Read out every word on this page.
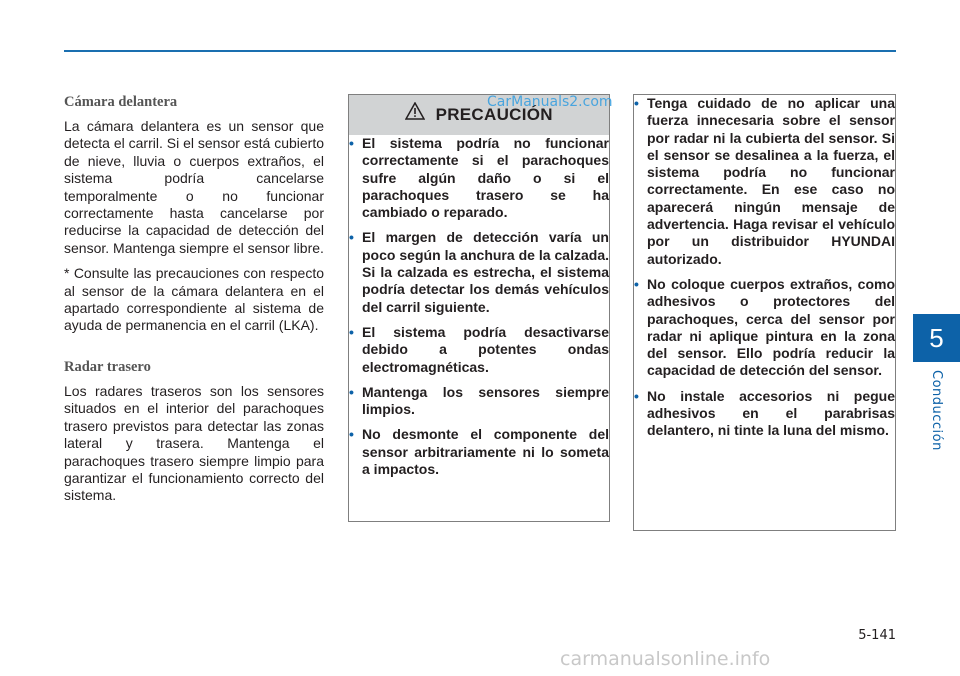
5
Conducción
Cámara delantera

La cámara delantera es un sensor que detecta el carril. Si el sensor está cubierto de nieve, lluvia o cuerpos extraños, el sistema podría cancelarse temporalmente o no funcionar correctamente hasta cancelarse por reducirse la capacidad de detección del sensor. Mantenga siempre el sensor libre.

* Consulte las precauciones con respecto al sensor de la cámara delantera en el apartado correspondiente al sistema de ayuda de permanencia en el carril (LKA).

Radar trasero

Los radares traseros son los sensores situados en el interior del parachoques trasero previstos para detectar las zonas lateral y trasera. Mantenga el parachoques trasero siempre limpio para garantizar el funcionamiento correcto del sistema.

PRECAUCIÓN
CarManuals2.com
• El sistema podría no funcionar correctamente si el parachoques sufre algún daño o si el parachoques trasero se ha cambiado o reparado.
• El margen de detección varía un poco según la anchura de la calzada. Si la calzada es estrecha, el sistema podría detectar los demás vehículos del carril siguiente.
• El sistema podría desactivarse debido a potentes ondas electromagnéticas.
• Mantenga los sensores siempre limpios.
• No desmonte el componente del sensor arbitrariamente ni lo someta a impactos.
• Tenga cuidado de no aplicar una fuerza innecesaria sobre el sensor por radar ni la cubierta del sensor. Si el sensor se desalinea a la fuerza, el sistema podría no funcionar correctamente. En ese caso no aparecerá ningún mensaje de advertencia. Haga revisar el vehículo por un distribuidor HYUNDAI autorizado.
• No coloque cuerpos extraños, como adhesivos o protectores del parachoques, cerca del sensor por radar ni aplique pintura en la zona del sensor. Ello podría reducir la capacidad de detección del sensor.
• No instale accesorios ni pegue adhesivos en el parabrisas delantero, ni tinte la luna del mismo.
5-141
carmanualsonline.info
